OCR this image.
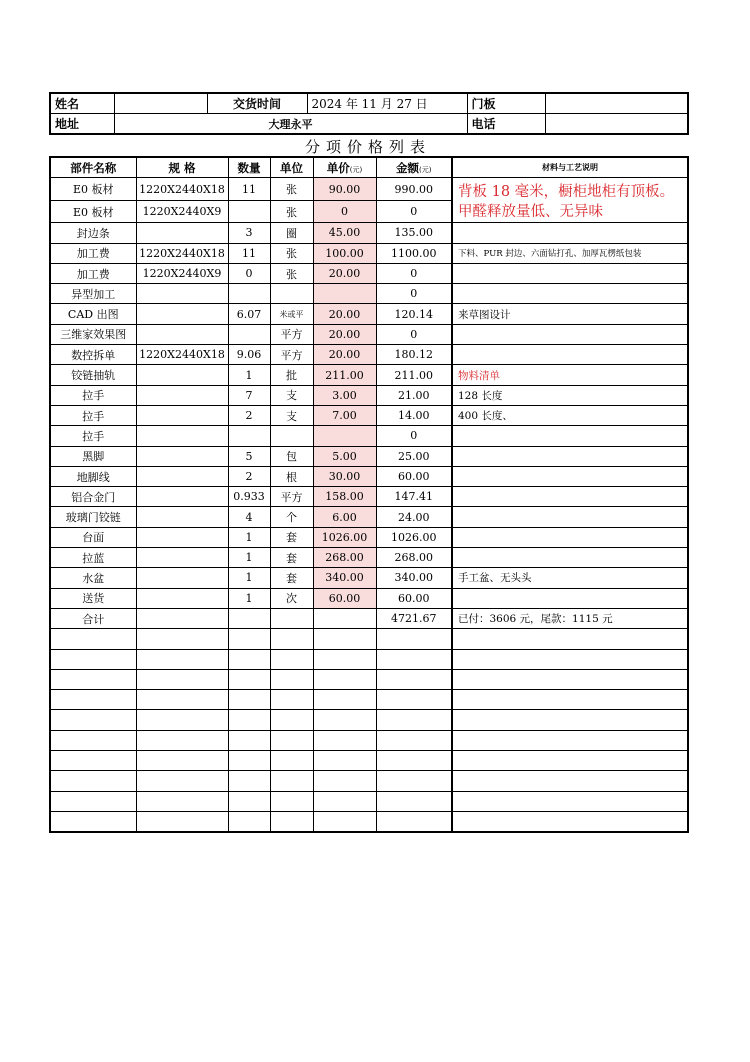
姓名		交货时间	2024 年 11 月 27 日	门板	
地址	大理永平			电话	
分项价格列表
部件名称	规 格	数量	单位	单价(元)	金额(元)	材料与工艺说明
E0 板材	1220X2440X18	11	张	90.00	990.00	背板 18 毫米，橱柜地柜有顶板。甲醛释放量低、无异味
E0 板材	1220X2440X9		张	0	0	
封边条		3	圈	45.00	135.00	
加工费	1220X2440X18	11	张	100.00	1100.00	下料、PUR 封边、六面钻打孔、加厚瓦楞纸包装
加工费	1220X2440X9	0	张	20.00	0	
异型加工					0	
CAD 出图		6.07	米或平	20.00	120.14	来草图设计
三维家效果图			平方	20.00	0	
数控拆单	1220X2440X18	9.06	平方	20.00	180.12	
铰链抽轨		1	批	211.00	211.00	物料清单
拉手		7	支	3.00	21.00	128 长度
拉手		2	支	7.00	14.00	400 长度、
拉手					0	
黑脚		5	包	5.00	25.00	
地脚线		2	根	30.00	60.00	
铝合金门		0.933	平方	158.00	147.41	
玻璃门铰链		4	个	6.00	24.00	
台面		1	套	1026.00	1026.00	
拉蓝		1	套	268.00	268.00	
水盆		1	套	340.00	340.00	手工盆、无头头
送货		1	次	60.00	60.00	
合计					4721.67	已付：3606 元，尾款：1115 元
